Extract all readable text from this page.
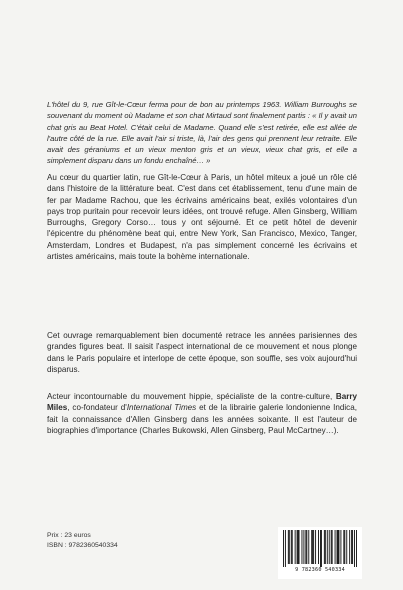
L'hôtel du 9, rue Gît-le-Cœur ferma pour de bon au printemps 1963. William Burroughs se souvenant du moment où Madame et son chat Mirtaud sont finalement partis : « Il y avait un chat gris au Beat Hotel. C'était celui de Madame. Quand elle s'est retirée, elle est allée de l'autre côté de la rue. Elle avait l'air si triste, là, l'air des gens qui prennent leur retraite. Elle avait des géraniums et un vieux menton gris et un vieux, vieux chat gris, et elle a simplement disparu dans un fondu enchaîné… »

Au cœur du quartier latin, rue Gît-le-Cœur à Paris, un hôtel miteux a joué un rôle clé dans l'histoire de la littérature beat. C'est dans cet établissement, tenu d'une main de fer par Madame Rachou, que les écrivains américains beat, exilés volontaires d'un pays trop puritain pour recevoir leurs idées, ont trouvé refuge. Allen Ginsberg, William Burroughs, Gregory Corso… tous y ont séjourné. Et ce petit hôtel de devenir l'épicentre du phénomène beat qui, entre New York, San Francisco, Mexico, Tanger, Amsterdam, Londres et Budapest, n'a pas simplement concerné les écrivains et artistes américains, mais toute la bohème internationale.

Cet ouvrage remarquablement bien documenté retrace les années parisiennes des grandes figures beat. Il saisit l'aspect international de ce mouvement et nous plonge dans le Paris populaire et interlope de cette époque, son souffle, ses voix aujourd'hui disparus.

Acteur incontournable du mouvement hippie, spécialiste de la contre-culture, Barry Miles, co-fondateur d'International Times et de la librairie galerie londonienne Indica, fait la connaissance d'Allen Ginsberg dans les années soixante. Il est l'auteur de biographies d'importance (Charles Bukowski, Allen Ginsberg, Paul McCartney…).

Prix : 23 euros
ISBN : 9782360540334
9 782360 540334
